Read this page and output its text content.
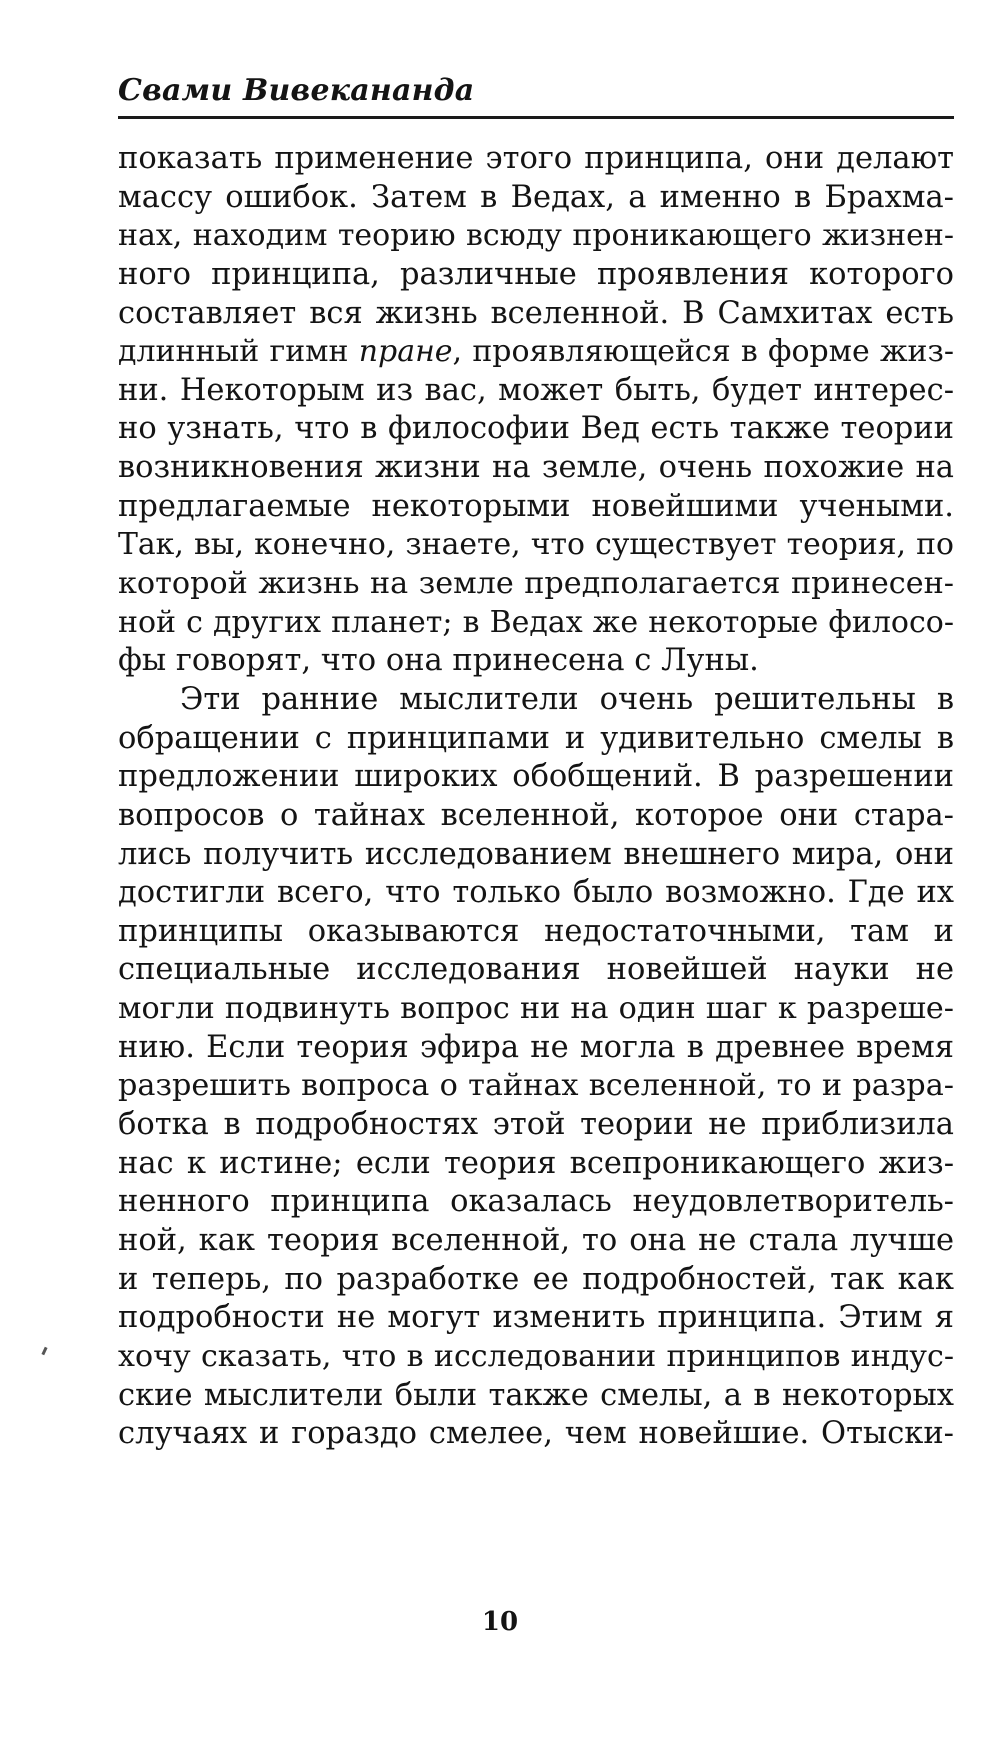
Свами Вивекананда
показать применение этого принципа, они делают
массу ошибок. Затем в Ведах, а именно в Брахма-
нах, находим теорию всюду проникающего жизнен-
ного принципа, различные проявления которого
составляет вся жизнь вселенной. В Самхитах есть
длинный гимн пране, проявляющейся в форме жиз-
ни. Некоторым из вас, может быть, будет интерес-
но узнать, что в философии Вед есть также теории
возникновения жизни на земле, очень похожие на
предлагаемые некоторыми новейшими учеными.
Так, вы, конечно, знаете, что существует теория, по
которой жизнь на земле предполагается принесен-
ной с других планет; в Ведах же некоторые филосо-
фы говорят, что она принесена с Луны.
Эти ранние мыслители очень решительны в
обращении с принципами и удивительно смелы в
предложении широких обобщений. В разрешении
вопросов о тайнах вселенной, которое они стара-
лись получить исследованием внешнего мира, они
достигли всего, что только было возможно. Где их
принципы оказываются недостаточными, там и
специальные исследования новейшей науки не
могли подвинуть вопрос ни на один шаг к разреше-
нию. Если теория эфира не могла в древнее время
разрешить вопроса о тайнах вселенной, то и разра-
ботка в подробностях этой теории не приблизила
нас к истине; если теория всепроникающего жиз-
ненного принципа оказалась неудовлетворитель-
ной, как теория вселенной, то она не стала лучше
и теперь, по разработке ее подробностей, так как
подробности не могут изменить принципа. Этим я
хочу сказать, что в исследовании принципов индус-
ские мыслители были также смелы, а в некоторых
случаях и гораздо смелее, чем новейшие. Отыски-
10
